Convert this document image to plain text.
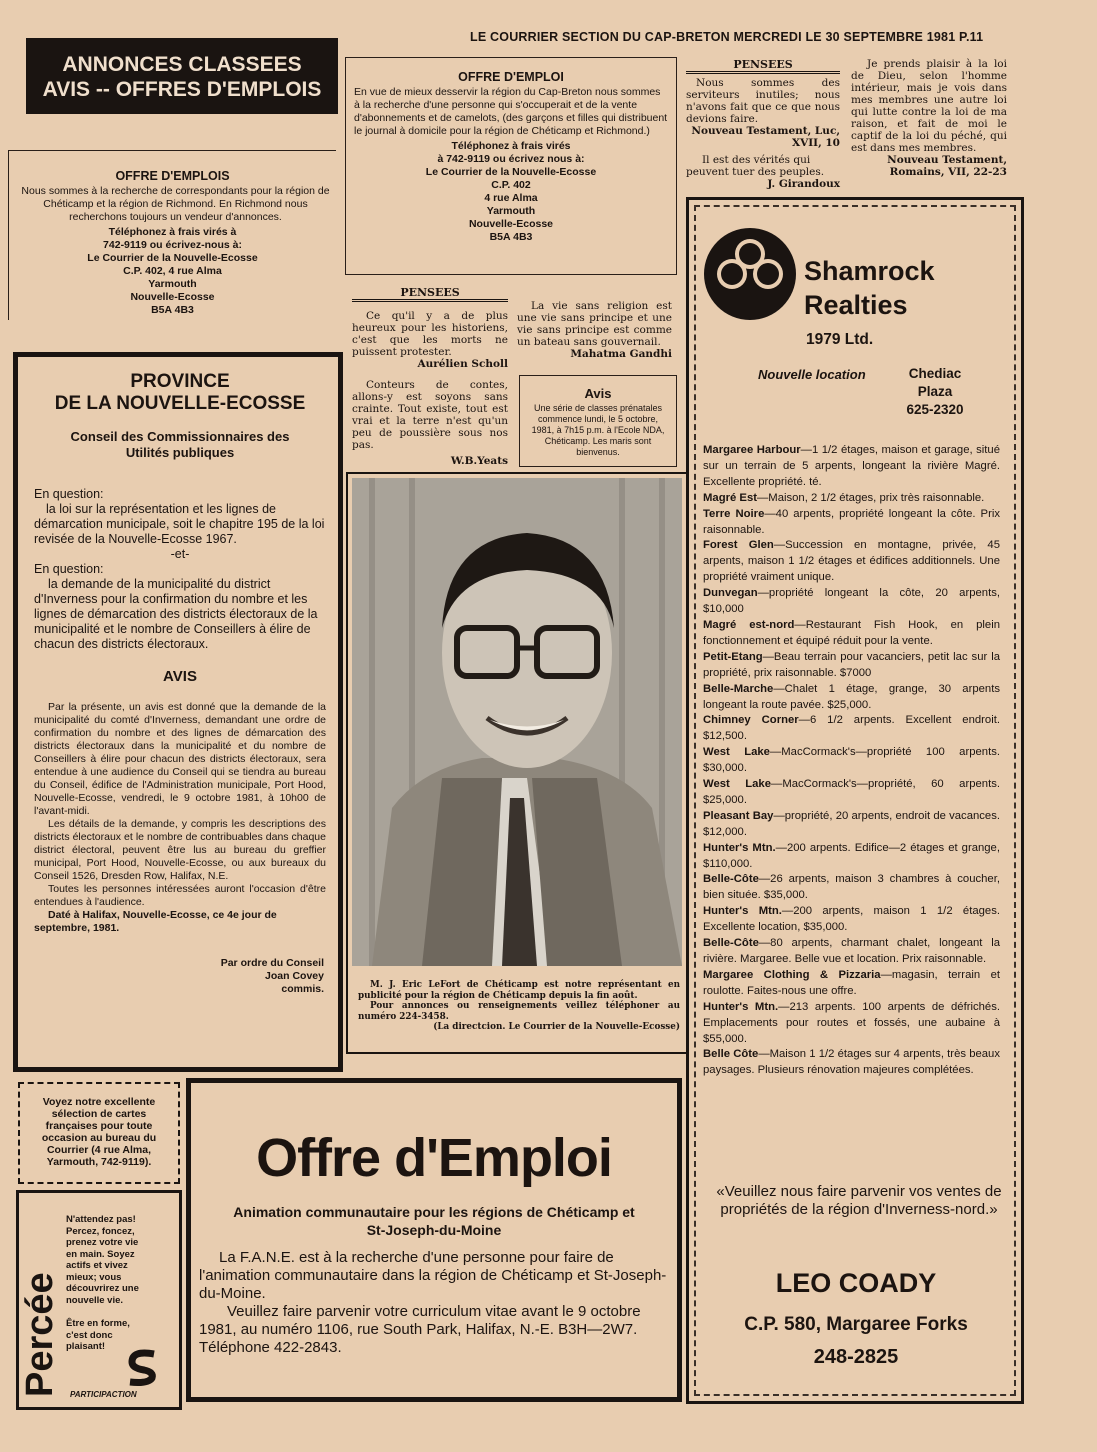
LE COURRIER SECTION DU CAP-BRETON MERCREDI LE 30 SEPTEMBRE 1981 P.11
ANNONCES CLASSEES
AVIS -- OFFRES D'EMPLOIS
OFFRE D'EMPLOIS
Nous sommes à la recherche de correspondants pour la région de Chéticamp et la région de Richmond. En Richmond nous recherchons toujours un vendeur d'annonces.
Téléphonez à frais virés à
742-9119 ou écrivez-nous à:
Le Courrier de la Nouvelle-Ecosse
C.P. 402, 4 rue Alma
Yarmouth
Nouvelle-Ecosse
B5A 4B3
OFFRE D'EMPLOI
En vue de mieux desservir la région du Cap-Breton nous sommes à la recherche d'une personne qui s'occuperait et de la vente d'abonnements et de camelots, (des garçons et filles qui distribuent le journal à domicile pour la région de Chéticamp et Richmond.)
Téléphonez à frais virés
à 742-9119 ou écrivez nous à:
Le Courrier de la Nouvelle-Ecosse
C.P. 402
4 rue Alma
Yarmouth
Nouvelle-Ecosse
B5A 4B3
PENSEES
Nous sommes des serviteurs inutiles; nous n'avons fait que ce que nous devions faire.
Nouveau Testament, Luc,
XVII, 10
Il est des vérités qui peuvent tuer des peuples.
J. Girandoux
Je prends plaisir à la loi de Dieu, selon l'homme intérieur, mais je vois dans mes membres une autre loi qui lutte contre la loi de ma raison, et fait de moi le captif de la loi du péché, qui est dans mes membres.
Nouveau Testament,
Romains, VII, 22-23
PENSEES
Ce qu'il y a de plus heureux pour les historiens, c'est que les morts ne puissent protester.
Aurélien Scholl
Conteurs de contes, allons-y est soyons sans crainte. Tout existe, tout est vrai et la terre n'est qu'un peu de poussière sous nos pas.
W.B.Yeats
La vie sans religion est une vie sans principe et une vie sans principe est comme un bateau sans gouvernail.
Mahatma Gandhi
Avis
Une série de classes prénatales commence lundi, le 5 octobre, 1981, à 7h15 p.m. à l'Ecole NDA, Chéticamp. Les maris sont bienvenus.
PROVINCE
DE LA NOUVELLE-ECOSSE
Conseil des Commissionnaires des
Utilités publiques
En question:
la loi sur la représentation et les lignes de démarcation municipale, soit le chapitre 195 de la loi revisée de la Nouvelle-Ecosse 1967.
-et-
En question:
la demande de la municipalité du district d'Inverness pour la confirmation du nombre et les lignes de démarcation des districts électoraux de la municipalité et le nombre de Conseillers à élire de chacun des districts électoraux.
AVIS
Par la présente, un avis est donné que la demande de la municipalité du comté d'Inverness, demandant une ordre de confirmation du nombre et des lignes de démarcation des districts électoraux dans la municipalité et du nombre de Conseillers à élire pour chacun des districts électoraux, sera entendue à une audience du Conseil qui se tiendra au bureau du Conseil, édifice de l'Administration municipale, Port Hood, Nouvelle-Ecosse, vendredi, le 9 octobre 1981, à 10h00 de l'avant-midi.
Les détails de la demande, y compris les descriptions des districts électoraux et le nombre de contribuables dans chaque district électoral, peuvent être lus au bureau du greffier municipal, Port Hood, Nouvelle-Ecosse, ou aux bureaux du Conseil 1526, Dresden Row, Halifax, N.E.
Toutes les personnes intéressées auront l'occasion d'être entendues à l'audience.
Daté à Halifax, Nouvelle-Ecosse, ce 4e jour de septembre, 1981.
Par ordre du Conseil
Joan Covey
commis.	M. J. Eric LeFort de Chéticamp est notre représentant en publicité pour la région de Chéticamp depuis la fin août.
Pour annonces ou renseignements veillez téléphoner au numéro 224-3458.
(La directcion. Le Courrier de la Nouvelle-Ecosse)
Voyez notre excellente sélection de cartes françaises pour toute occasion au bureau du Courrier (4 rue Alma, Yarmouth, 742-9119).
Percée
N'attendez pas! Percez, foncez, prenez votre vie en main. Soyez actifs et vivez mieux; vous découvrirez une nouvelle vie.
Être en forme, c'est donc plaisant!
PARTICIPACTION
Offre d'Emploi
Animation communautaire pour les régions de Chéticamp et
St-Joseph-du-Moine
La F.A.N.E. est à la recherche d'une personne pour faire de l'animation communautaire dans la région de Chéticamp et St-Joseph-du-Moine.
Veuillez faire parvenir votre curriculum vitae avant le 9 octobre 1981, au numéro 1106, rue South Park, Halifax, N.-E. B3H—2W7. Téléphone 422-2843.
Shamrock
Realties
1979 Ltd.
Nouvelle location	Chediac Plaza
625-2320
Margaree Harbour—1 1/2 étages, maison et garage, situé sur un terrain de 5 arpents, longeant la rivière Magré. Excellente propriété. té.
Magré Est—Maison, 2 1/2 étages, prix très raisonnable.
Terre Noire—40 arpents, propriété longeant la côte. Prix raisonnable.
Forest Glen—Succession en montagne, privée, 45 arpents, maison 1 1/2 étages et édifices additionnels. Une propriété vraiment unique.
Dunvegan—propriété longeant la côte, 20 arpents, $10,000
Magré est-nord—Restaurant Fish Hook, en plein fonctionnement et équipé réduit pour la vente.
Petit-Etang—Beau terrain pour vacanciers, petit lac sur la propriété, prix raisonnable. $7000
Belle-Marche—Chalet 1 étage, grange, 30 arpents longeant la route pavée. $25,000.
Chimney Corner—6 1/2 arpents. Excellent endroit. $12,500.
West Lake—MacCormack's—propriété 100 arpents. $30,000.
West Lake—MacCormack's—propriété, 60 arpents. $25,000.
Pleasant Bay—propriété, 20 arpents, endroit de vacances. $12,000.
Hunter's Mtn.—200 arpents. Edifice—2 étages et grange, $110,000.
Belle-Côte—26 arpents, maison 3 chambres à coucher, bien située. $35,000.
Hunter's Mtn.—200 arpents, maison 1 1/2 étages. Excellente location, $35,000.
Belle-Côte—80 arpents, charmant chalet, longeant la rivière. Margaree. Belle vue et location. Prix raisonnable.
Margaree Clothing & Pizzaria—magasin, terrain et roulotte. Faites-nous une offre.
Hunter's Mtn.—213 arpents. 100 arpents de défrichés. Emplacements pour routes et fossés, une aubaine à $55,000.
Belle Côte—Maison 1 1/2 étages sur 4 arpents, très beaux paysages. Plusieurs rénovation majeures complétées.
«Veuillez nous faire parvenir vos ventes de propriétés de la région d'Inverness-nord.»
LEO COADY
C.P. 580, Margaree Forks
248-2825
